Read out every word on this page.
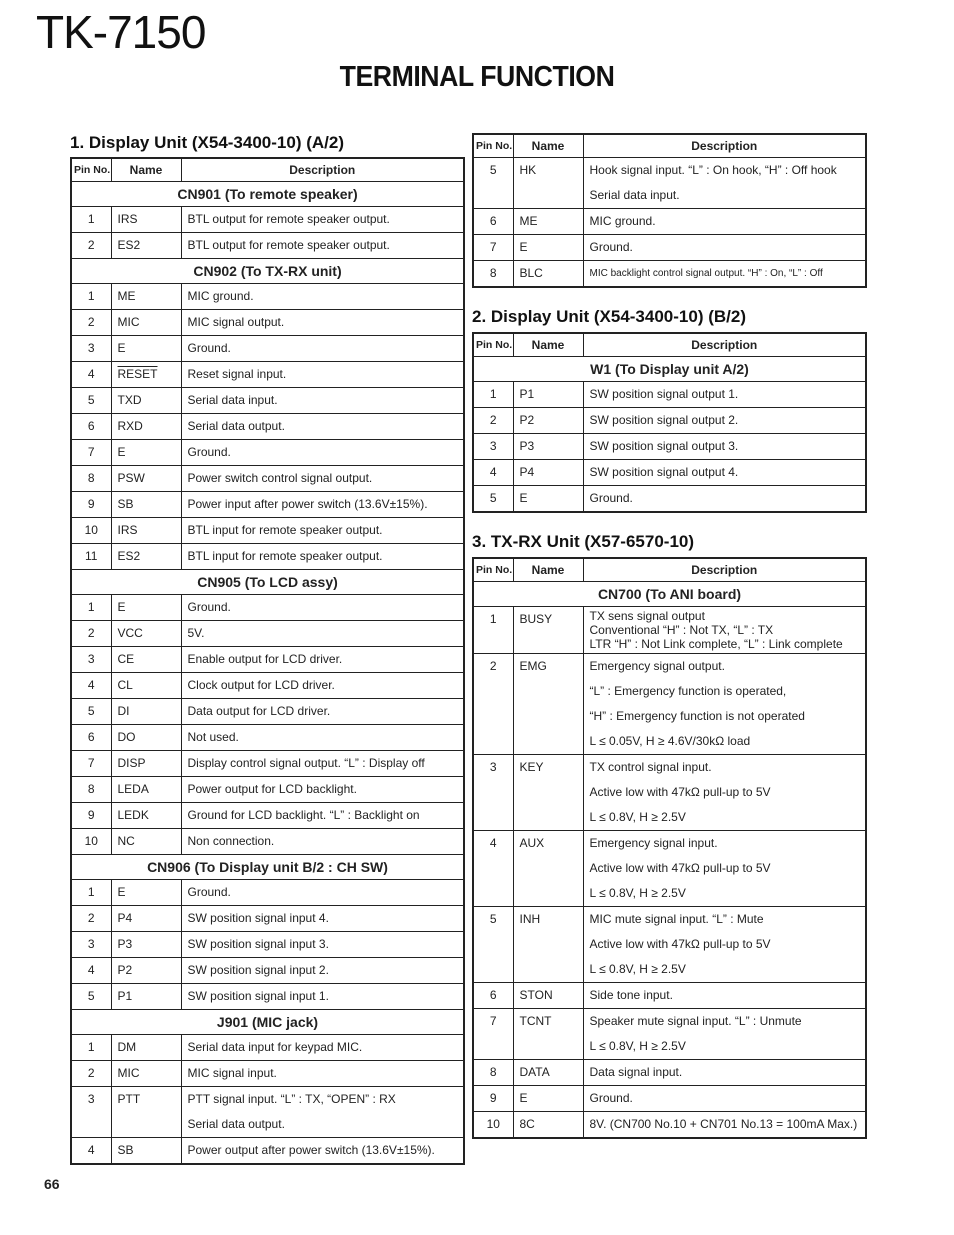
TK-7150
TERMINAL FUNCTION
1. Display Unit (X54-3400-10) (A/2)
Pin No.	Name	Description
CN901 (To remote speaker)		
1	IRS	BTL output for remote speaker output.

2	ES2	BTL output for remote speaker output.

CN902 (To TX-RX unit)		
1	ME	MIC ground.

2	MIC	MIC signal output.

3	E	Ground.

4	RESET	Reset signal input.

5	TXD	Serial data input.

6	RXD	Serial data output.

7	E	Ground.

8	PSW	Power switch control signal output.

9	SB	Power input after power switch (13.6V±15%).

10	IRS	BTL input for remote speaker output.

11	ES2	BTL input for remote speaker output.

CN905 (To LCD assy)		
1	E	Ground.

2	VCC	5V.

3	CE	Enable output for LCD driver.

4	CL	Clock output for LCD driver.

5	DI	Data output for LCD driver.

6	DO	Not used.

7	DISP	Display control signal output. “L” : Display off

8	LEDA	Power output for LCD backlight.

9	LEDK	Ground for LCD backlight. “L” : Backlight on

10	NC	Non connection.

CN906 (To Display unit B/2 : CH SW)		
1	E	Ground.

2	P4	SW position signal input 4.

3	P3	SW position signal input 3.

4	P2	SW position signal input 2.

5	P1	SW position signal input 1.

J901 (MIC jack)		
1	DM	Serial data input for keypad MIC.

2	MIC	MIC signal input.

3	PTT	PTT signal input. “L” : TX, “OPEN” : RX
Serial data output.

4	SB	Power output after power switch (13.6V±15%).
Pin No.	Name	Description
5	HK	Hook signal input. “L” : On hook, “H” : Off hook
Serial data input.

6	ME	MIC ground.

7	E	Ground.

8	BLC	MIC backlight control signal output. “H” : On, “L” : Off
2. Display Unit (X54-3400-10) (B/2)
Pin No.	Name	Description
W1 (To Display unit A/2)		
1	P1	SW position signal output 1.

2	P2	SW position signal output 2.

3	P3	SW position signal output 3.

4	P4	SW position signal output 4.

5	E	Ground.
3. TX-RX Unit (X57-6570-10)
Pin No.	Name	Description
CN700 (To ANI board)		
1	BUSY	TX sens signal output
Conventional “H” : Not TX, “L” : TX
LTR “H” : Not Link complete, “L” : Link complete

2	EMG	Emergency signal output.
“L” : Emergency function is operated,
“H” : Emergency function is not operated
L ≤ 0.05V, H ≥ 4.6V/30kΩ load

3	KEY	TX control signal input.
Active low with 47kΩ pull-up to 5V
L ≤ 0.8V, H ≥ 2.5V

4	AUX	Emergency signal input.
Active low with 47kΩ pull-up to 5V
L ≤ 0.8V, H ≥ 2.5V

5	INH	MIC mute signal input. “L” : Mute
Active low with 47kΩ pull-up to 5V
L ≤ 0.8V, H ≥ 2.5V

6	STON	Side tone input.

7	TCNT	Speaker mute signal input. “L” : Unmute
L ≤ 0.8V, H ≥ 2.5V

8	DATA	Data signal input.

9	E	Ground.

10	8C	8V. (CN700 No.10 + CN701 No.13 = 100mA Max.)
66
